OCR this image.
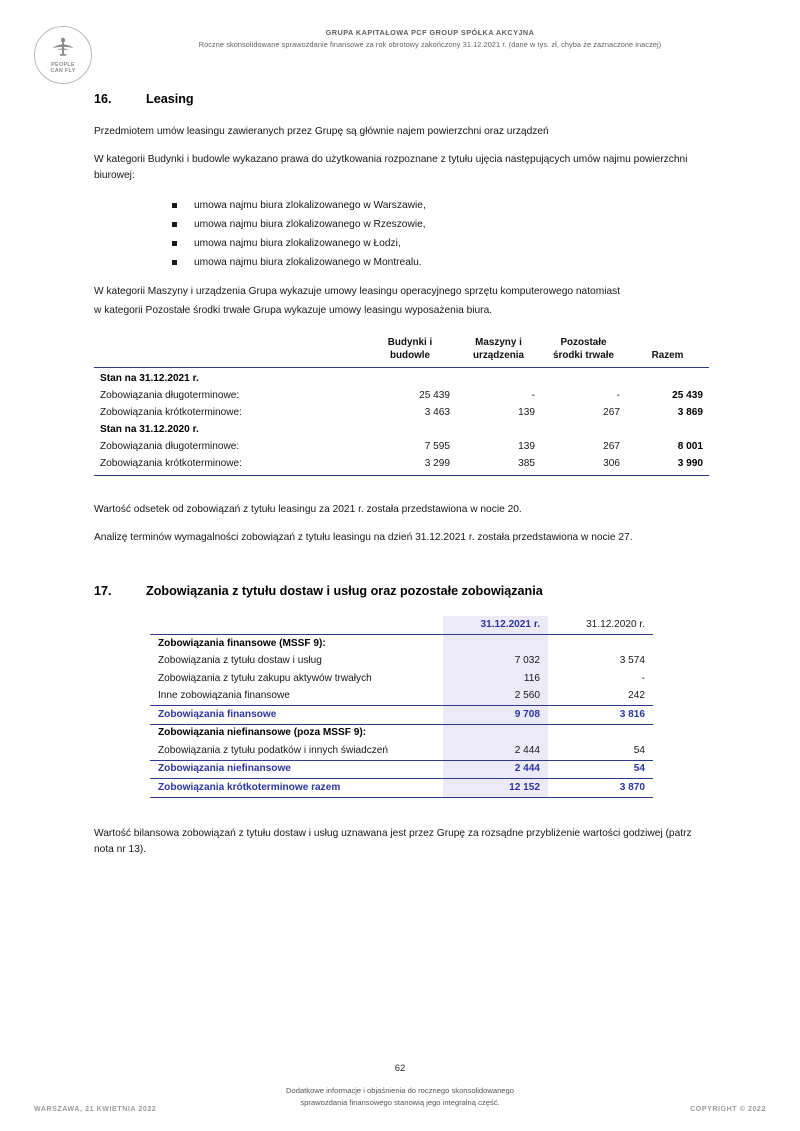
PEOPLE
CAN FLY
GRUPA KAPITAŁOWA PCF GROUP SPÓŁKA AKCYJNA
Roczne skonsolidowane sprawozdanie finansowe za rok obrotowy zakończony 31.12.2021 r. (dane w tys. zł, chyba że zaznaczone inaczej)
16.	Leasing

Przedmiotem umów leasingu zawieranych przez Grupę są głównie najem powierzchni oraz urządzeń

W kategorii Budynki i budowle wykazano prawa do użytkowania rozpoznane z tytułu ujęcia następujących umów najmu powierzchni biurowej:

umowa najmu biura zlokalizowanego w Warszawie,
umowa najmu biura zlokalizowanego w Rzeszowie,
umowa najmu biura zlokalizowanego w Łodzi,
umowa najmu biura zlokalizowanego w Montrealu.

W kategorii Maszyny i urządzenia Grupa wykazuje umowy leasingu operacyjnego sprzętu komputerowego natomiast

w kategorii Pozostałe środki trwałe Grupa wykazuje umowy leasingu wyposażenia biura.

	Budynki i budowle	Maszyny i urządzenia	Pozostałe środki trwałe	Razem
Stan na 31.12.2021 r.				
Zobowiązania długoterminowe:	25 439	-	-	25 439
Zobowiązania krótkoterminowe:	3 463	139	267	3 869
Stan na 31.12.2020 r.				
Zobowiązania długoterminowe:	7 595	139	267	8 001
Zobowiązania krótkoterminowe:	3 299	385	306	3 990

Wartość odsetek od zobowiązań z tytułu leasingu za 2021 r. została przedstawiona w nocie 20.

Analizę terminów wymagalności zobowiązań z tytułu leasingu na dzień 31.12.2021 r. została przedstawiona w nocie 27.

17.	Zobowiązania z tytułu dostaw i usług oraz pozostałe zobowiązania
	31.12.2021 r.	31.12.2020 r.
Zobowiązania finansowe (MSSF 9):		
Zobowiązania z tytułu dostaw i usług	7 032	3 574
Zobowiązania z tytułu zakupu aktywów trwałych	116	-
Inne zobowiązania finansowe	2 560	242
Zobowiązania finansowe	9 708	3 816
Zobowiązania niefinansowe (poza MSSF 9):		
Zobowiązania z tytułu podatków i innych świadczeń	2 444	54
Zobowiązania niefinansowe	2 444	54
Zobowiązania krótkoterminowe razem	12 152	3 870

Wartość bilansowa zobowiązań z tytułu dostaw i usług uznawana jest przez Grupę za rozsądne przybliżenie wartości godziwej (patrz nota nr 13).

62
Dodatkowe informacje i objaśnienia do rocznego skonsolidowanego
sprawozdania finansowego stanowią jego integralną część.
WARSZAWA, 21 KWIETNIA 2022	COPYRIGHT © 2022
